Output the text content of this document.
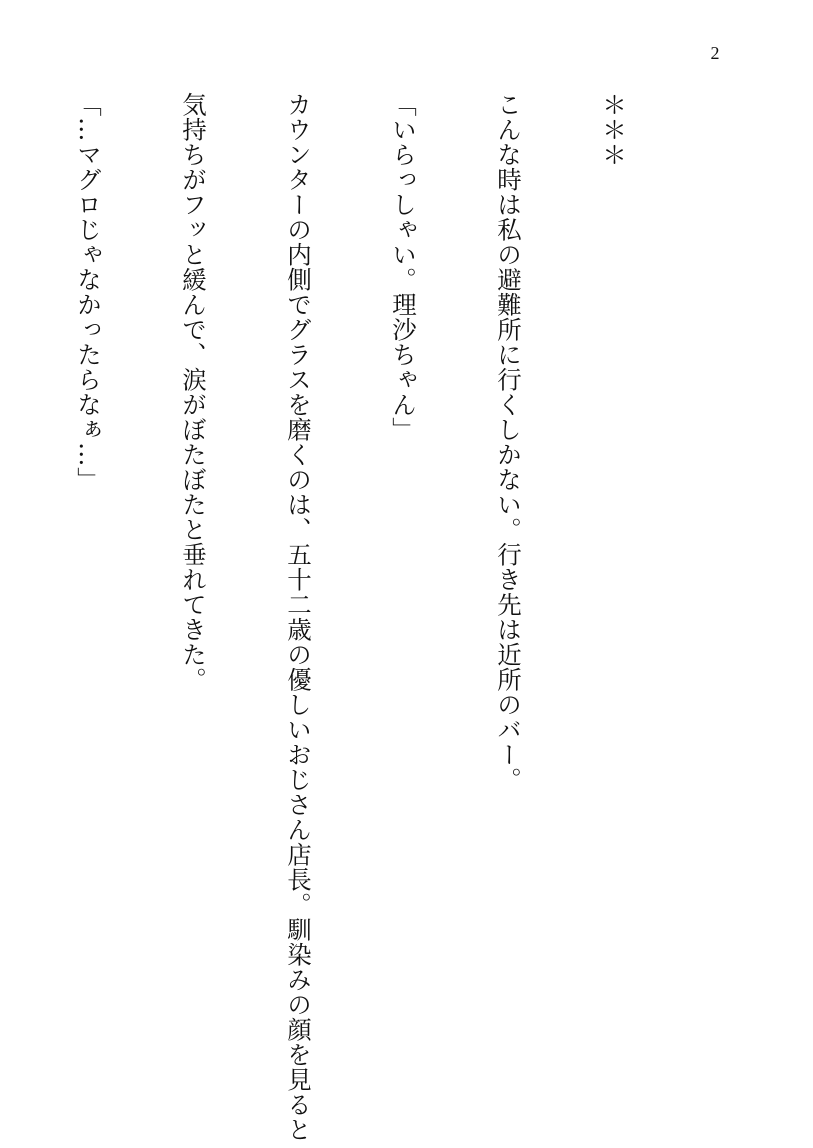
2

＊＊＊

こんな時は私の避難所に行くしかない。行き先は近所のバー。

「いらっしゃい。理沙ちゃん」

カウンターの内側でグラスを磨くのは、五十二歳の優しいおじさん店長。馴染みの顔を見ると

気持ちがフッと緩んで、涙がぼたぼたと垂れてきた。

「…マグロじゃなかったらなぁ…」
